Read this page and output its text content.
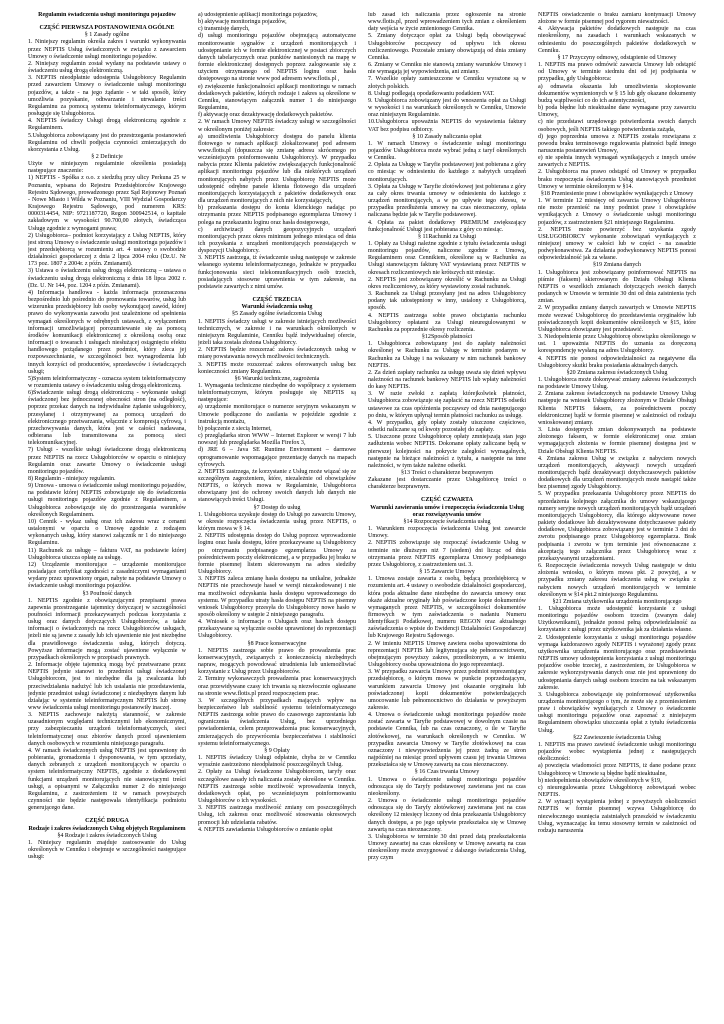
Regulamin świadczenia usługi monitoringu pojazdów

CZĘŚĆ PIERWSZA POSTANOWIENIA OGÓLNE

§ 1 Zasady ogólne

1. Niniejszy regulamin określa zakres i warunki wykonywania przez NEPTIS Usług świadczonych w związku z zawarciem Umowy o świadczenie usługi monitoringu pojazdów.

2. Niniejszy regulamin został wydany na podstawie ustawy o świadczeniu usług drogą elektroniczną.

3. NEPTIS nieodpłatnie udostępnia Usługobiorcy Regulamin przed zawarciem Umowy o świadczenie usługi monitoringu pojazdów, a także - na jego żądanie - w taki sposób, który umożliwia pozyskanie, odtwarzanie i utrwalanie treści Regulaminu za pomocą systemu teleinformatycznego, którym posługuje się Usługobiorca.

4. NEPTIS świadczy Usługi drogą elektroniczną zgodnie z Regulaminem.

5.Usługobiorca zobowiązany jest do przestrzegania postanowień Regulaminu od chwili podjęcia czynności zmierzających do skorzystania z Usług.

§ 2 Definicje

Użyte w niniejszym regulaminie określenia posiadają następujące znaczenie:

1) NEPTIS - Spółka z o.o. z siedzibą przy ulicy Perkuna 25 w Poznaniu, wpisana do Rejestru Przedsiębiorców Krajowego Rejestru Sądowego, prowadzonego przez Sąd Rejonowy Poznań - Nowe Miasto i Wilda w Poznaniu, VIII Wydział Gospodarczy Krajowego Rejestru Sądowego, pod numerem KRS: 0000314454, NIP: 9721187720, Regon 300942514, o kapitale zakładowym w wysokości 90.700,00 złotych, świadcząca Usługę zgodnie z wymogami prawa;

2) Usługobiorca– podmiot korzystający z Usług NEPTIS, który jest stroną Umowy o świadczenie usługi monitoringu pojazdów i jest przedsiębiorcą w rozumieniu art. 4 ustawy o swobodzie działalności gospodarczej z dnia 2 lipca 2004 roku (Dz.U. Nr 173 poz. 1807 z 2004r. z późn. Zmianami).

3) Ustawa o świadczeniu usług drogą elektroniczną – ustawa o świadczeniu usług drogą elektroniczną z dnia 18 lipca 2002 r. (Dz. U. Nr 144, poz. 1204 z późn. Zmianami).

4) Informacja handlowa - każda informacja przeznaczona bezpośrednio lub pośrednio do promowania towarów, usług lub wizerunku przedsiębiorcy lub osoby wykonującej zawód, której prawo do wykonywania zawodu jest uzależnione od spełnienia wymagań określonych w odrębnych ustawach, z wyłączeniem informacji umożliwiającej porozumiewanie się za pomocą środków komunikacji elektronicznej z określoną osobą oraz informacji o towarach i usługach niesłużącej osiągnięciu efektu handlowego pożądanego przez podmiot, który zleca jej rozpowszechnianie, w szczególności bez wynagrodzenia lub innych korzyści od producentów, sprzedawców i świadczących usługi;

5)System teleinformatyczny - oznacza system teleinformatyczny w rozumieniu ustawy o świadczeniu usług drogą elektroniczną.

6)Świadczenie usługi drogą elektroniczną - wykonanie usługi świadczonej bez jednoczesnej obecności stron (na odległość), poprzez przekaz danych na indywidualne żądanie usługobiorcy, przesyłanej i otrzymywanej za pomocą urządzeń do elektronicznego przetwarzania, włącznie z kompresją cyfrową, i przechowywania danych, która jest w całości nadawana, odbierana lub transmitowana za pomocą sieci telekomunikacyjnej.

7) Usługi - wszelkie usługi świadczone drogą elektroniczną przez NEPTIS na rzecz Usługobiorców w oparciu o niniejszy Regulamin oraz zawarte Umowy o świadczenie usługi monitoringu pojazdów.

8) Regulamin - niniejszy regulamin.

9) Umowa - umowa o świadczenie usługi monitoringu pojazdów, na podstawie której NEPTIS zobowiązuje się do świadczenia usługi monitoringu pojazdów zgodnie z Regulaminem, a Usługobiorca zobowiązuje się do przestrzegania warunków określonych Regulaminem.

10) Cennik - wykaz usług oraz ich zakresu wraz z cenami ustalonymi w oparciu o Umowę zgodnie z rodzajem wykonanych usług, który stanowi załącznik nr 1 do niniejszego Regulaminu.

11) Rachunek za usługę – faktura VAT, na podstawie której Usługobiorca uiszcza opłatę za usługę.

12) Urządzenie monitorujące – urządzenie monitorujące posiadające certyfikat zgodności z zasadniczymi wymaganiami wydany przez uprawniony organ, nabyte na podstawie Umowy o świadczenie usługi monitoringu pojazdów.

§3 Poufność danych

1. NEPTIS zgodnie z obowiązującymi przepisami prawa zapewnia przestrzeganie tajemnicy dotyczącej w szczególności poufności informacji przekazywanych podczas korzystania z usług oraz danych dotyczących Usługobiorców, a także informacji o świadczonych na rzecz Usługobiorców usługach, jeżeli nie są jawne z zasady lub ich ujawnienie nie jest niezbędne dla prawidłowego świadczenia usług, których dotyczą. Powyższe informacje mogą zostać ujawnione wyłącznie w przypadkach określonych w przepisach prawnych.

2. Informacje objęte tajemnicą mogą być przetwarzane przez NEPTIS jedynie stanowi to przedmiot usługi świadczonej Usługobiorcom, jest to niezbędne dla ją zwalczania lub przeciwdziałania nadużyć lub ich ustalania nie przedstawienia, jedynie przedmiot usługi świadczonej z niezbędnym danym lub działając w systemie teleinformatycznym NEPTIS lub stronę www świadczenia usługi monitoringu postanowiły inaczej.

3. NEPTIS zachowuje należytą staranność, w zakresie uzasadnionym względami technicznymi lub ekonomicznymi, przy zabezpieczaniu urządzeń teleinformatycznych, sieci teleinformatycznej oraz zbiorów danych przed ujawnieniem danych osobowych w rozumieniu niniejszego paragrafu.

4. W ramach świadczonych usług NEPTIS jest uprawniony do pobierania, gromadzenia i dysponowania, w tym sprzedaży, danych zebranych z urządzeń monitorujących w oparciu o system teleinformatyczny NEPTIS, zgodnie z dodatkowymi funkcjami urządzeń monitorujących nie stanowiącymi treści usługi, a opisanymi w Załączniku numer 2 do niniejszego Regulaminu, z zastrzeżeniem iż w ramach powyższych czynności nie będzie następowała identyfikacja podmiotu generującego dane.

CZĘŚĆ DRUGA

Rodzaje i zakres świadczonych Usług objętych Regulaminem

§4 Rodzaje i zakres świadczonych Usług

1. Niniejszy regulamin znajduje zastosowanie do Usług określonych w Cenniku i obejmuje w szczególności następujące usługi:

a) udostępnienie aplikacji monitoringu pojazdów,

b) aktywację monitoringu pojazdów,

c) transmisję danych,

d) usługi monitoringu pojazdów obejmującą automatyczne monitorowanie sygnałów z urządzeń monitorujących i udostępnianie ich w formie elektronicznej w postaci zbiorczych danych tabelarycznych oraz punktów naniesionych na mapę w formie elektronicznej dostępnych poprzez zalogowanie się z użyciem otrzymanego od NEPTIS loginu oraz hasła dostępowego na stronie www pod adresem www.flotis.pl ,

e) zwiększenie funkcjonalności aplikacji monitoringu w ramach dodatkowych pakietów, których rodzaje i zakres są określone w Cenniku, stanowiącym załącznik numer 1 do niniejszego Regulaminu,

f) aktywację oraz dezaktywację dodatkowych pakietów.

2. W ramach Umowy NEPTIS świadczy usługi w szczególności w określonym poniżej zakresie:

a) umożliwienia Usługobiorcy dostępu do panelu klienta flotowego w ramach aplikacji zlokalizowanej pod adresem www.flotis.pl (dopuszcza się zmianę adresu skrócenego po wcześniejszym poinformowaniu Usługobiorcy). W przypadku nabycia przez Klienta pakietów zwiększających funkcjonalność aplikacji monitoringu pojazdów lub dla niektórych urządzeń monitorujących nabytych przez Usługobiorcę NEPTIS może udostępnić odrębne panele klienta flotowego dla urządzeń monitorujących korzystających z pakietów dodatkowych oraz dla urządzeń monitorujących z nich nie korzystających,

b) przekazania dostępu do konta klienckiego nadając po otrzymaniu przez NEPTIS podpisanego egzemplarza Umowy i polega na przekazaniu loginu oraz hasła dostępowego,

c) archiwizacji danych geopozycyjnych urządzeń monitorujących przez okres minimum jednego miesiąca od dnia ich pozyskania z urządzeń monitorujących pozostających w dyspozycji Usługobiorcy.

3. NEPTIS zastrzega, iż świadczenie usług następuje w zakresie własnego systemu teleinformatycznego, jednakże w przypadku funkcjonowania sieci telekomunikacyjnych osób trzecich, posiadających stosowne uprawnienia w tym zakresie, na podstawie zawartych z nimi umów.

CZĘŚĆ TRZECIA

Warunki świadczenia usług

§5 Zasady ogólne świadczenia Usług

1. NEPTIS świadczy usługi w zakresie istniejących możliwości technicznych, w zakresie i na warunkach określonych w niniejszym Regulaminie, Cenniku bądź indywidualnej ofercie, jeżeli taka została złożona Usługobiorcy.

2. NEPTIS będzie rozszerzać zakres świadczonych usług w miarę powstawania nowych możliwości technicznych.

3. NEPTIS może rozszerzać zakres oferowanych usług bez konieczności zmiany Regulaminu.

§6 Warunki techniczne, zagrożenia

1. Wymagania techniczne niezbędne do współpracy z systemem teleinformatycznym, którym posługuje się NEPTIS są następujące:

a) urządzenie monitorujące o numerze seryjnym wskazanym w Umowie podłączone do zasilania w pojeździe zgodnie z instrukcją montażu,

b) połączenie z siecią Internet,

c) przeglądarka stron WWW – Internet Explorer w wersji 7 lub nowszej lub przeglądarka Mozilla Firefox 3,

d) JRE 6 – Java SE Runtime Environment – darmowe oprogramowanie wspomagające prezentację danych na mapach cyfrowych.

2. NEPTIS zastrzega, że korzystanie z Usług może wiązać się ze szczególnym zagrożeniem, które, niezależnie od obowiązków NEPTIS, o których mowa w Regulaminie, Usługobiorca obowiązany jest do ochrony swoich danych lub danych nie stanowiących treści Usługi.

§7 Dostęp do usług

1. Usługobiorca uzyskuje dostęp do Usługi po zawarciu Umowy, w okresie rozpoczęcia świadczenia usług przez NEPTIS, o którym mowa w § 14.

2. NEPTIS udostępnia dostęp do Usług poprzez wprowadzenie loginu oraz hasła dostępu, które przekazywane są Usługobiorcy po otrzymaniu podpisanego egzemplarza Umowy za pośrednictwem poczty elektronicznej, a w przypadku jej braku w formie pisemnej listem skierowanym na adres siedziby Usługobiorcy.

3. NEPTIS zaleca zmianę hasła dostępu na unikalne, jednakże NEPTIS nie przechowuje haseł w wersji niezakodowanej i nie ma możliwości odzyskania hasła dostępu wprowadzonego do systemu. W przypadku utraty hasła dostępu NEPTIS na pisemny wniosek Usługobiorcy przesyła do Usługobiorcy nowe hasło w sposób określony w ustępie 2 niniejszego paragrafu.

4. Wniosek o informacje o Usługach oraz hasłach dostępu przekazywane są wyłącznie osobie uprawnionej do reprezentacji Usługobiorcy.

§8 Prace konserwacyjne

1. NEPTIS zastrzega sobie prawo do prowadzenia prac konserwacyjnych, związanych z koniecznością niezbędnych napraw, mogących powodować utrudnienia lub uniemożliwiać korzystanie z Usług przez Usługobiorców.

2. Terminy wykonawczych prowadzenia prac konserwacyjnych oraz przewidywane czasy ich trwania są niezwłocznie ogłaszane na stronie www.flotis.pl przed rozpoczęciem prac.

3. W szczególnych przypadkach mających wpływ na bezpieczeństwo lub stabilność systemu teleinformatycznego NEPTIS zastrzega sobie prawo do czasowego zaprzestania lub ograniczenia świadczenia Usług, bez uprzedniego powiadomienia, celem przeprowadzenia prac konserwacyjnych, zmierzających do przywrócenia bezpieczeństwa i stabilności systemu teleinformatycznego.

§ 9 Opłaty

1. NEPTIS świadczy Usługi odpłatnie, chyba że w Cenniku wyraźnie zastrzeżono nieodpłatność poszczególnych Usług.

2. Opłaty za Usługi świadczone Usługobiorcom, taryfy oraz szczegółowe zasady ich naliczania zostały określone w Cenniku. NEPTIS zastrzega sobie możliwość wprowadzenia innych, dodatkowych opłat, po wcześniejszym poinformowaniu Usługobiorców o ich wysokości.

3. NEPTIS zastrzega możliwość zmiany cen poszczególnych Usług, ich zakresu oraz możliwość stosowania okresowych promocji lub udzielania rabatów.

4. NEPTIS zawiadamia Usługobiorców o zmianie opłat

lub zasad ich naliczania przez ogłoszenie na stronie www.flotis.pl, przed wprowadzeniem tych zmian z określeniem daty wejścia w życie zmienionego Cennika.

5. Zmiany dotyczące opłat za Usługi będą obowiązywać Usługobiorców począwszy od upływu ich okresu rozliczeniowego. Pozostałe zmiany obowiązują od dnia zmiany Cennika.

6. Zmiany w Cenniku nie stanowią zmiany warunków Umowy i nie wymagają jej wypowiedzenia, ani zmiany.

7. Wszelkie opłaty zamieszczone w Cenniku wyrażone są w złotych polskich.

8. Usługi podlegają opodatkowaniu podatkiem VAT.

9. Usługobiorca zobowiązany jest do wnoszenia opłat za Usługi w wysokości i na warunkach określonych w Cenniku, Umowie oraz niniejszym Regulaminie.

10.Usługobiorca upoważnia NEPTIS do wystawienia faktury VAT bez podpisu odbiorcy.

§ 10 Zasady naliczania opłat

1. W ramach Umowy o świadczenie usługi monitoringu pojazdów Usługobiorca może wybrać jedną z taryf określonych w Cenniku.

2. Opłata za Usługę w Taryfie podstawowej jest pobierana z góry co miesiąc w odniesieniu do każdego z nabytych urządzeń monitorujących.

3. Opłata za Usługę w Taryfie złotówkowej jest pobierana z góry za cały okres trwania umowy w odniesieniu do każdego z urządzeń monitorujących, a w po upływie tego okresu, w przypadku przedłużenia umowy na czas nieoznaczony, opłata naliczana będzie jak w Taryfie podstawowej.

4. Opłata za pakiet dodatkowy PREMIUM zwiększający funkcjonalność Usługi jest pobierana z góry co miesiąc.

§ 11Rachunki za Usługi

1. Opłaty za Usługi należne zgodnie z tytułu świadczenia usługi monitoringu pojazdów, naliczone zgodnie z Umową, Regulaminem oraz Cennikiem, określone są w Rachunku za Usługi stanowiącym fakturę VAT wystawianą przez NEPTIS w okresach rozliczeniowych nie krótszych niż miesiąc.

2. NEPTIS jest zobowiązany określić w Rachunku za Usługi okres rozliczeniowy, za który wystawiony został rachunek.

3. Rachunek za Usługi przesyłany jest na adres Usługobiorcy podany tak udostępniony w inny, ustalony z Usługobiorcą, sposób.

4. NEPTIS zastrzega sobie prawo obciążania rachunku Usługobiorcy opłatami za Usługi nieuregulowanymi w Rachunku za poprzednie okresy rozliczenia.

§12Sposób płatności

1. Usługobiorca zobowiązany jest do zapłaty należności określonej w Rachunku za Usługę w terminie podanym w Rachunku za Usługę i na wskazany w nim rachunek bankowy NEPTIS.

2. Za dzień zapłaty rachunku za usługę uważa się dzień wpływu należności na rachunek bankowy NEPTIS lub wpłaty należności do kasy NEPTIS.

3. W razie zwłoki z zapłatą którejkolwiek płatności, Usługobiorca zobowiązuje się zapłacić na rzecz NEPTIS odsetki ustawowe za czas opóźnienia począwszy od dnia następującego po dniu, w którym upłynął termin płatności rachunku za usługę.

4. W przypadku, gdy opłaty zostały uiszczone częściowo, odsetki naliczane są od kwoty pozostałej do zapłaty.

5. Uiszczone przez Usługobiorcę opłaty zmniejszają stan jego zadłużenia wobec NEPTIS. Dokonane opłaty zaliczane będą w pierwszej kolejności na pokrycie zaległości wymagalnych, następnie na bieżące należności z tytułu, a następnie na inne należności, w tym także należne odsetki.

§13 Treści o charakterze bezprawnym

Zakazane jest dostarczanie przez Usługobiorcę treści o charakterze bezprawnym.

CZĘŚĆ CZWARTA

Warunki zawierania umów i rozpoczęcia świadczenia Usług oraz rozwiązywania umów

§14 Rozpoczęcie świadczenia usług

1. Warunkiem rozpoczęcia świadczenia Usług jest zawarcie Umowy.

2. NEPTIS zobowiązuje się rozpocząć świadczenie Usług w terminie nie dłuższym niż 7 (siedem) dni licząc od dnia otrzymania przez NEPTIS egzemplarza Umowy podpisanego przez Usługobiorcę, z zastrzeżeniem ust. 3.

§ 15 Zawarcie Umowy

1. Umowa zostaje zawarta z osobą, będącą przedsiębiorcą w rozumieniu art. 4 ustawy o swobodzie działalności gospodarczej, która poda aktualne dane niezbędne do zawarcia umowy oraz okaże aktualne oryginały lub poświadczone kopie dokumentów wymaganych przez NEPTIS, w szczególności dokumentów firmowych w tym zaświadczenia o nadaniu Numeru Identyfikacji Podatkowej, numeru REGON oraz aktualnego zaświadczenia o wpisie do Ewidencji Działalności Gospodarczej lub Krajowego Rejestru Sądowego.

2. W imieniu NEPTIS Umowę zawiera osoba upoważniona do reprezentacji NEPTIS lub legitymująca się pełnomocnictwem, obejmującym powyższy zakres, przedłożonym, a w imieniu Usługobiorcy osoba upoważniona do jego reprezentacji.

3. W przypadku zawarcia Umowy przez podmiot reprezentujący przedsiębiorcę, o którym mowa w punkcie poprzedzającym, warunkiem zawarcia Umowy jest okazanie oryginału lub poświadczonej kopii dokumentów potwierdzających umocowanie lub pełnomocnictwo do działania w powyższym zakresie.

4. Umowa o świadczenie usługi monitoringu pojazdów może zostać zawarta w Taryfie podstawowej w dowolnym czasie na podstawie Cennika, lub na czas oznaczony, o ile w Taryfie złotówkowej, na warunkach określonych w Cenniku. W przypadku zawarcia Umowy w Taryfie złotówkowej na czas oznaczony i niewypowiedzenia jej przez żadną ze stron najpóźniej na miesiąc przed upływem czasu jej trwania Umowa przekształca się w Umowę zawartą na czas nieoznaczony.

§ 16 Czas trwania Umowy

1. Umowa o świadczenie usługi monitoringu pojazdów odnosząca się do Taryfy podstawowej zawierana jest na czas nieokreślony.

2. Umowa o świadczenie usługi monitoringu pojazdów odnosząca się do Taryfy złotówkowej zawierana jest na czas określony 12 miesięcy liczony od dnia przekazania Usługobiorcy danych dostępu, a po jego upływie przekształca się w Umowę zawartą na czas nieoznaczony.

3. Usługobiorca w terminie 30 dni przed datą przekształcenia Umowy zawartej na czas określony w Umowę zawartą na czas nieokreślony może zrezygnować z dalszego świadczenia Usług, przy czym

NEPTIS oświadczenie o braku zamiaru kontynuacji Umowy złożone w formie pisemnej pod rygorem nieważności.

4. Aktywacja pakietów dodatkowych następuje na czas nieokreślony, na zasadach i warunkach wskazanych w odniesieniu do poszczególnych pakietów dodatkowych w Cenniku.

§ 17 Przyczyny odmowy, odstąpienie od Umowy

1. NEPTIS ma prawo odmówić zawarcia Umowy lub odstąpić od Umowy w terminie siedmiu dni od jej podpisania w przypadku, gdy Usługobiorca:

a) odmawia okazania lub umożliwienia skopiowanie dokumentów wymienionych w § 15 lub gdy okazane dokumenty budzą wątpliwości co do ich autentyczności,

b) poda błędne lub nieaktualne dane wymagane przy zawarciu Umowy,

c) nie przedstawi urzędowego potwierdzenia swoich danych osobowych, jeśli NEPTIS takiego potwierdzenia zażąda,

d) jego poprzednia umowa z NEPTIS została rozwiązana z powodu braku terminowego regulowania płatności bądź innego naruszenia postanowień Umowy,

e) nie spełnia innych wymagań wynikających z innych umów zawartych z NEPTIS.

2. Usługobiorca ma prawo odstąpić od Umowy w przypadku braku rozpoczęcia świadczenia Usług stanowiących przedmiot Umowy w terminie określonym w §14.

§18 Przeniesienie praw i obowiązków wynikających z Umowy

1. W terminie 12 miesięcy od zawarcia Umowy Usługobiorca nie może przenieść na inny podmiot praw i obowiązków wynikających z Umowy o świadczenie usługi monitoringu pojazdów, z zastrzeżeniem §21 niniejszego Regulaminu.

2. NEPTIS może powierzyć bez uzyskania zgody USŁUGOBIORCY wykonanie zobowiązań wynikających z niniejszej umowy w całości lub w części - na zasadzie podwykonawstwa. Za działania podwykonawcy NEPTIS ponosi odpowiedzialność jak za własne.

§19 Zmiana danych

1. Usługobiorca jest zobowiązany poinformować NEPTIS na piśmie (faksem) skierowanym do Działu Obsługi Klienta NEPTIS o wszelkich zmianach dotyczących swoich danych podanych w Umowie w terminie 30 dni od dnia zaistnienia tych zmian.

2. W przypadku zmiany danych zawartych w Umowie NEPTIS może wezwać Usługobiorcę do przedstawienia oryginałów lub poświadczonych kopii dokumentów określonych w §15, które Usługobiorca obowiązany jest przedstawić.

3. Niedopełnienie przez Usługobiorcę obowiązku określonego w ust. 1 upoważnia NEPTIS do uznania za doręczoną korespondencję wysłaną na adres Usługobiorcy.

4. NEPTIS nie ponosi odpowiedzialności za negatywne dla Usługobiorcy skutki braku posiadania aktualnych danych.

§20 Zmiana zakresu świadczonych Usług

1. Usługobiorca może dokonywać zmiany zakresu świadczonych na podstawie Umowy Usług.

2. Zmiana zakresu świadczonych na podstawie Umowy Usług następuje na wniosek Usługobiorcy złożonym w Dziale Obsługi Klienta NEPTIS faksem, za pośrednictwem poczty elektronicznej bądź w formie pisemnej w zależności od rodzaju wnioskowanej zmiany.

3. Lista dostępnych zmian dokonywanych na podstawie złożonego faksem, w formie elektronicznej oraz zmian wymagających złożenia w formie pisemnej dostępna jest w Dziale Obsługi Klienta NEPTIS.

4. Zmiana zakresu Usług w związku z nabyciem nowych urządzeń monitorujących, aktywacji nowych urządzeń monitorujących bądź dezaktywacji dotychczasowych pakietów dodatkowych dla urządzeń monitorujących może nastąpić także bez pisemnej zgody Usługobiorcy.

5. W przypadku przekazania Usługobiorcy przez NEPTIS do sprzedażenia kolejnego załącznika do umowy wskazującego numery seryjne nowych urządzeń monitorujących bądź urządzeń monitorujących Usługobiorcy, dla którego aktywowane nowe pakiety dodatkowe lub dezaktywowane dotychczasowe pakiety dodatkowe, Usługobiorca zobowiązany jest w terminie 3 dni do zwrotu podpisanego przez Usługobiorcę egzemplarza. Brak podpisania i zwrotu w tym terminie jest równoznaczne z akceptacją tego załącznika przez Usługobiorcę wraz z przekazywanymi urządzeniami.

6. Rozpoczęcie świadczenia nowych Usług następuje w dniu złożenia wniosku, o którym mowa pkt. 2 powyżej, a w przypadku zmiany zakresu świadczenia usług w związku z nabyciem nowych urządzeń monitorujących w terminie określonym w §14 pkt.2 niniejszego Regulaminu.

§21 Zmiana użytkownika urządzenia monitorującego

1. Usługobiorca może udostępnić korzystanie z usługi monitoringu pojazdów osobom trzecim (zwanym dalej Użytkownikami), jednakże ponosi pełną odpowiedzialność za korzystanie z usługi przez użytkownika jak za działania własne.

2. Udostępnienie korzystania z usługi monitoringu pojazdów wymaga każdorazowo zgody NEPTIS i wyrażonej zgody przez użytkownika urządzenia monitorującego oraz przedstawienia NEPTIS umowy udostępnienia korzystania z usługi monitoringu pojazdów osobie trzeciej, z zastrzeżeniem, że Usługobiorca w zakresie wykorzystywania danych oraz nie jest uprawniony do udostępniania danych usługi osobom trzecim na tak wskazanym zakresie.

3. Usługobiorca zobowiązuje się poinformować użytkownika urządzenia monitorującego o tym, że może się z przeniesieniem praw i obowiązków wynikających z Umowy o świadczenie usługi monitoringu pojazdów oraz zapoznać z niniejszym Regulaminem obowiązku uiszczania opłat z tytułu świadczenia Usług.

§22 Zawieszenie świadczenia Usług

1. NEPTIS ma prawo zawiesić świadczenie usługi monitoringu pojazdów wobec wystąpienia jednej z następujących okoliczności:

a) powzięcia wiadomości przez NEPTIS, iż dane podane przez Usługobiorcę w Umowie są błędne bądź nieaktualne,

b) niedopełnienia obowiązków określonych w §19,

c) nieuregulowania przez Usługobiorcę zobowiązań wobec NEPTIS.

2. W sytuacji wystąpienia jednej z powyższych okoliczności NEPTIS w formie pisemnej wzywa Usługobiorcę do niezwłocznego usunięcia zaistniałych przeszkód w świadczeniu Usług, wyznaczając ku temu stosowny termin w zależności od rodzaju naruszenia
